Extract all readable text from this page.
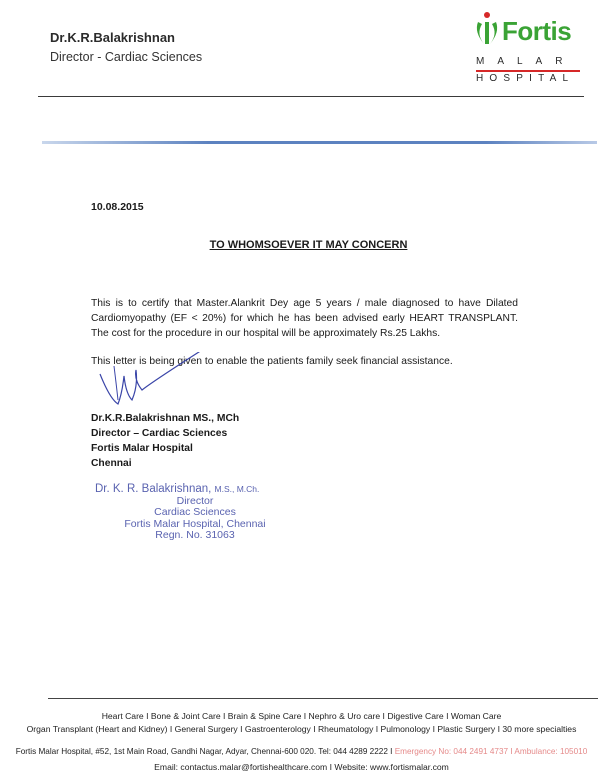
Dr.K.R.Balakrishnan
Director - Cardiac Sciences
Fortis
MALAR
HOSPITAL
10.08.2015
TO WHOMSOEVER IT MAY CONCERN
This is to certify that Master.Alankrit Dey age 5 years / male diagnosed to have Dilated Cardiomyopathy (EF < 20%) for which he has been advised early HEART TRANSPLANT. The cost for the procedure in our hospital will be approximately Rs.25 Lakhs.
This letter is being given to enable the patients family seek financial assistance.
Dr.K.R.Balakrishnan MS., MCh
Director – Cardiac Sciences
Fortis Malar Hospital
Chennai
Dr. K. R. Balakrishnan, M.S., M.Ch.
Director
Cardiac Sciences
Fortis Malar Hospital, Chennai
Regn. No. 31063
Heart Care I Bone & Joint Care I Brain & Spine Care I Nephro & Uro care I Digestive Care I Woman Care
Organ Transplant (Heart and Kidney) I General Surgery I Gastroenterology I Rheumatology I Pulmonology I Plastic Surgery I 30 more specialties
Fortis Malar Hospital, #52, 1st Main Road, Gandhi Nagar, Adyar, Chennai-600 020. Tel: 044 4289 2222 I Emergency No: 044 2491 4737 I Ambulance: 105010
Email: contactus.malar@fortishealthcare.com I Website: www.fortismalar.com
